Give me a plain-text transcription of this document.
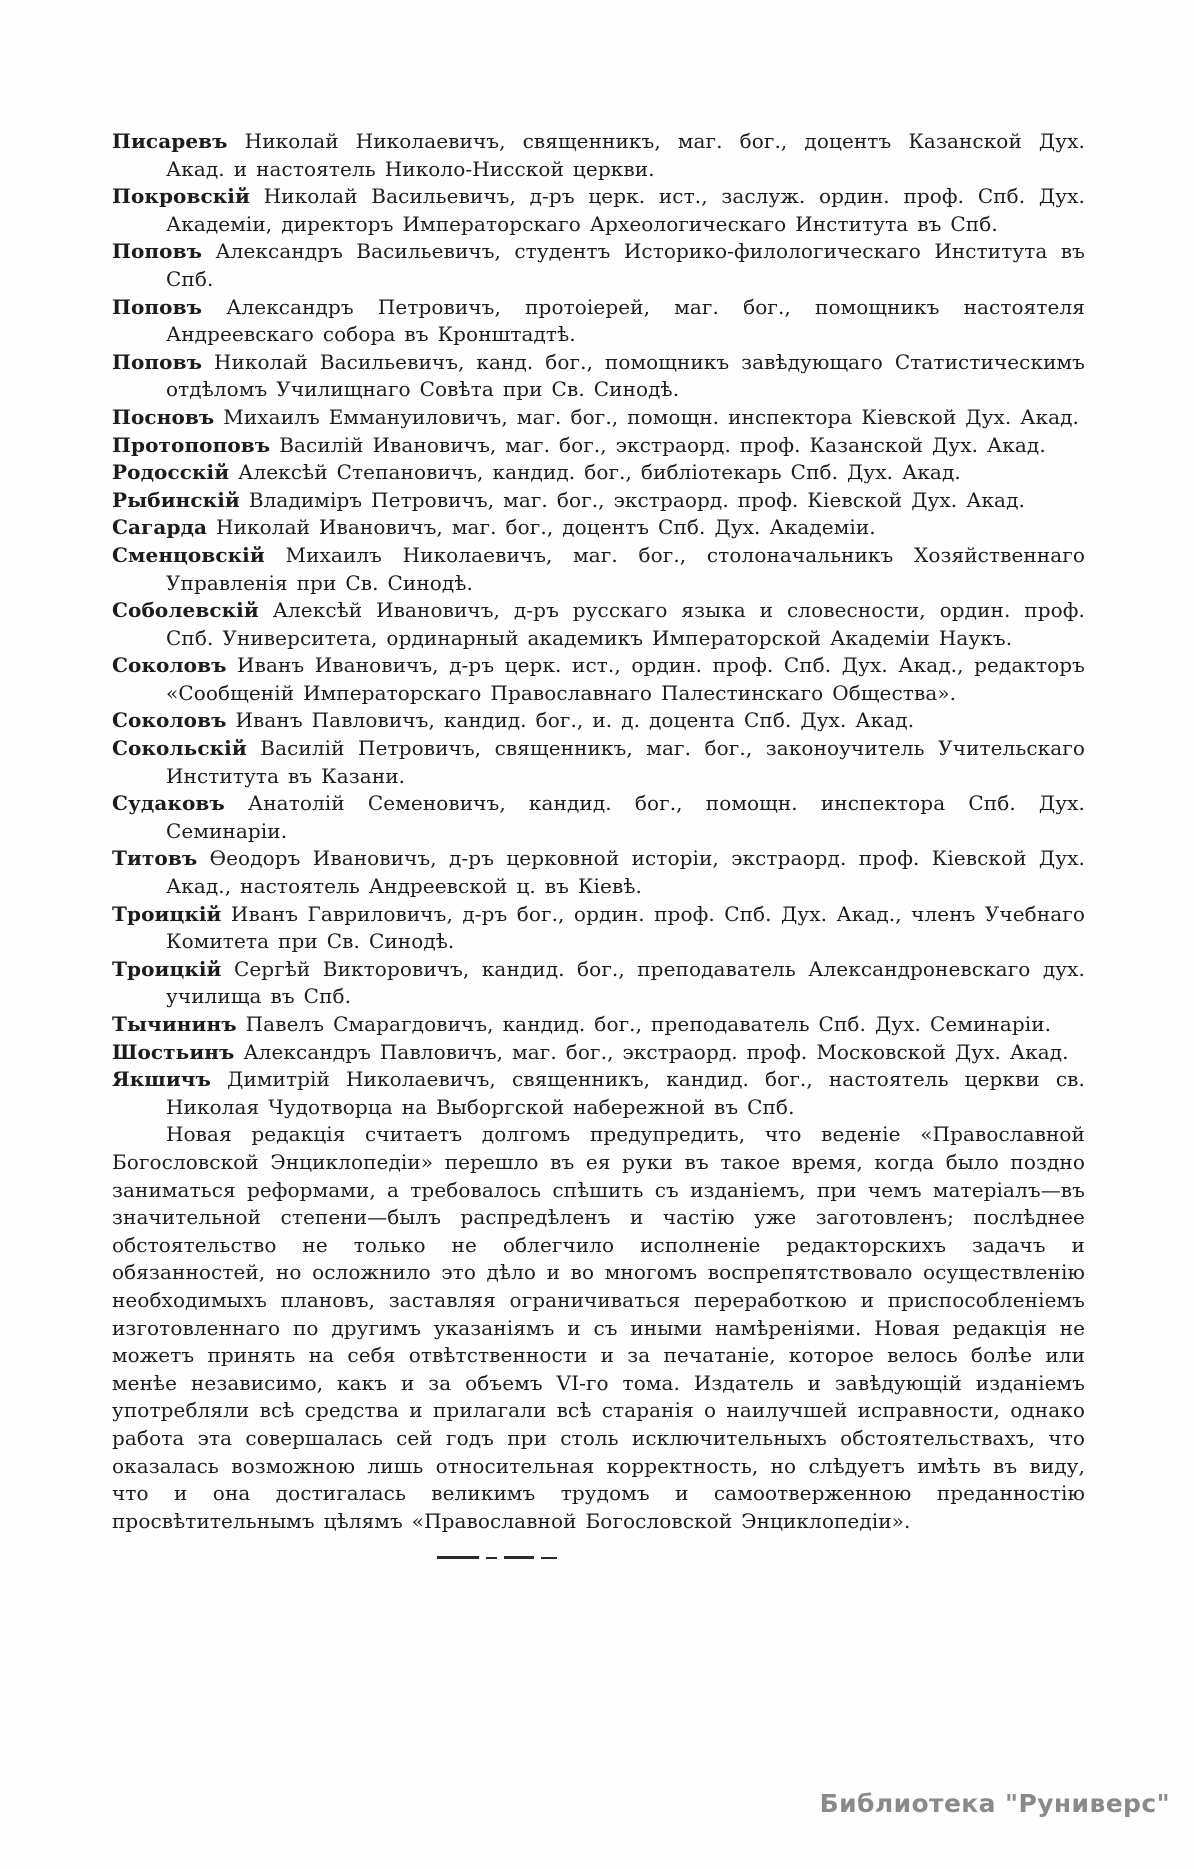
Писаревъ Николай Николаевичъ, священникъ, маг. бог., доцентъ Казанской Дух. Акад. и настоятель Николо-Нисской церкви.

Покровскій Николай Васильевичъ, д-ръ церк. ист., заслуж. ордин. проф. Спб. Дух. Академіи, директоръ Императорскаго Археологическаго Института въ Спб.

Поповъ Александръ Васильевичъ, студентъ Историко-филологическаго Института въ Спб.

Поповъ Александръ Петровичъ, протоіерей, маг. бог., помощникъ настоятеля Андреевскаго собора въ Кронштадтѣ.

Поповъ Николай Васильевичъ, канд. бог., помощникъ завѣдующаго Статистическимъ отдѣломъ Училищнаго Совѣта при Св. Синодѣ.

Посновъ Михаилъ Еммануиловичъ, маг. бог., помощн. инспектора Кіевской Дух. Акад.

Протопоповъ Василій Ивановичъ, маг. бог., экстраорд. проф. Казанской Дух. Акад.

Родосскій Алексѣй Степановичъ, кандид. бог., библіотекарь Спб. Дух. Акад.

Рыбинскій Владиміръ Петровичъ, маг. бог., экстраорд. проф. Кіевской Дух. Акад.

Сагарда Николай Ивановичъ, маг. бог., доцентъ Спб. Дух. Академіи.

Сменцовскій Михаилъ Николаевичъ, маг. бог., столоначальникъ Хозяйственнаго Управленія при Св. Синодѣ.

Соболевскій Алексѣй Ивановичъ, д-ръ русскаго языка и словесности, ордин. проф. Спб. Университета, ординарный академикъ Императорской Академіи Наукъ.

Соколовъ Иванъ Ивановичъ, д-ръ церк. ист., ордин. проф. Спб. Дух. Акад., редакторъ «Сообщеній Императорскаго Православнаго Палестинскаго Общества».

Соколовъ Иванъ Павловичъ, кандид. бог., и. д. доцента Спб. Дух. Акад.

Сокольскій Василій Петровичъ, священникъ, маг. бог., законоучитель Учительскаго Института въ Казани.

Судаковъ Анатолій Семеновичъ, кандид. бог., помощн. инспектора Спб. Дух. Семинаріи.

Титовъ Ѳеодоръ Ивановичъ, д-ръ церковной исторіи, экстраорд. проф. Кіевской Дух. Акад., настоятель Андреевской ц. въ Кіевѣ.

Троицкій Иванъ Гавриловичъ, д-ръ бог., ордин. проф. Спб. Дух. Акад., членъ Учебнаго Комитета при Св. Синодѣ.

Троицкій Сергѣй Викторовичъ, кандид. бог., преподаватель Александроневскаго дух. училища въ Спб.

Тычининъ Павелъ Смарагдовичъ, кандид. бог., преподаватель Спб. Дух. Семинаріи.

Шостьинъ Александръ Павловичъ, маг. бог., экстраорд. проф. Московской Дух. Акад.

Якшичъ Димитрій Николаевичъ, священникъ, кандид. бог., настоятель церкви св. Николая Чудотворца на Выборгской набережной въ Спб.

Новая редакція считаетъ долгомъ предупредить, что веденіе «Православной Богословской Энциклопедіи» перешло въ ея руки въ такое время, когда было поздно заниматься реформами, а требовалось спѣшить съ изданіемъ, при чемъ матеріалъ—въ значительной степени—былъ распредѣленъ и частію уже заготовленъ; послѣднее обстоятельство не только не облегчило исполненіе редакторскихъ задачъ и обязанностей, но осложнило это дѣло и во многомъ воспрепятствовало осуществленію необходимыхъ плановъ, заставляя ограничиваться переработкою и приспособленіемъ изготовленнаго по другимъ указаніямъ и съ иными намѣреніями. Новая редакція не можетъ принять на себя отвѣтственности и за печатаніе, которое велось болѣе или менѣе независимо, какъ и за объемъ VI-го тома. Издатель и завѣдующій изданіемъ употребляли всѣ средства и прилагали всѣ старанія о наилучшей исправности, однако работа эта совершалась сей годъ при столь исключительныхъ обстоятельствахъ, что оказалась возможною лишь относительная корректность, но слѣдуетъ имѣть въ виду, что и она достигалась великимъ трудомъ и самоотверженною преданностію просвѣтительнымъ цѣлямъ «Православной Богословской Энциклопедіи».

Библиотека "Руниверс"
